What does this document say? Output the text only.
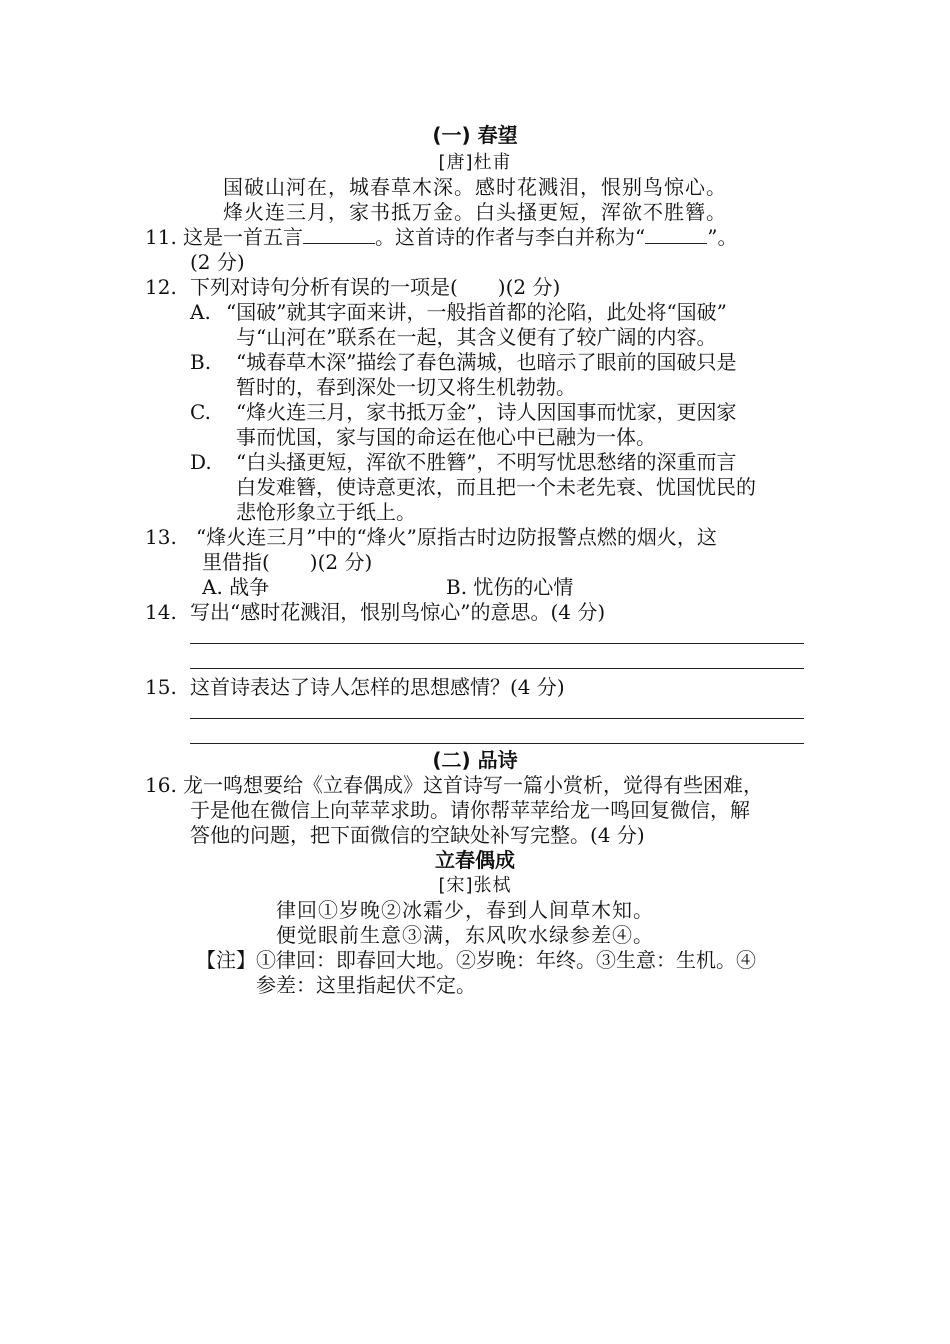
(一) 春望
[唐]杜甫
国破山河在，城春草木深。感时花溅泪，恨别鸟惊心。
烽火连三月，家书抵万金。白头搔更短，浑欲不胜簪。
11. 这是一首五言	。这首诗的作者与李白并称为“	”。
(2 分)
12. 下列对诗句分析有误的一项是(　　)(2 分)
A. “国破”就其字面来讲，一般指首都的沦陷，此处将“国破”
与“山河在”联系在一起，其含义便有了较广阔的内容。
B. “城春草木深”描绘了春色满城，也暗示了眼前的国破只是
暂时的，春到深处一切又将生机勃勃。
C. “烽火连三月，家书抵万金”，诗人因国事而忧家，更因家
事而忧国，家与国的命运在他心中已融为一体。
D. “白头搔更短，浑欲不胜簪”，不明写忧思愁绪的深重而言
白发难簪，使诗意更浓，而且把一个未老先衰、忧国忧民的
悲怆形象立于纸上。
13. “烽火连三月”中的“烽火”原指古时边防报警点燃的烟火，这
里借指(　　)(2 分)
A. 战争	B. 忧伤的心情
14. 写出“感时花溅泪，恨别鸟惊心”的意思。(4 分)
15. 这首诗表达了诗人怎样的思想感情？(4 分)
(二) 品诗
16. 龙一鸣想要给《立春偶成》这首诗写一篇小赏析，觉得有些困难，
于是他在微信上向苹苹求助。请你帮苹苹给龙一鸣回复微信，解
答他的问题，把下面微信的空缺处补写完整。(4 分)
立春偶成
[宋]张栻
律回①岁晚②冰霜少，春到人间草木知。
便觉眼前生意③满，东风吹水绿参差④。
【注】 ①律回：即春回大地。②岁晚：年终。③生意：生机。④
参差：这里指起伏不定。
